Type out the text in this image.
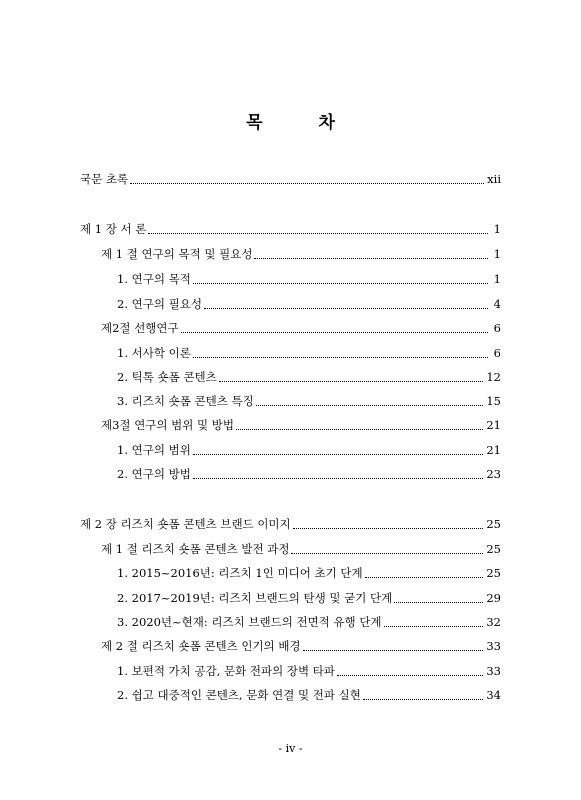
목	차
국문 초록	xii
제 1 장 서 론	1
제 1 절 연구의 목적 및 필요성	1
1. 연구의 목적	1
2. 연구의 필요성	4
제2절 선행연구	6
1. 서사학 이론	6
2. 틱톡 숏폼 콘텐츠	12
3. 리즈치 숏폼 콘텐츠 특징	15
제3절 연구의 범위 및 방법	21
1. 연구의 범위	21
2. 연구의 방법	23
제 2 장 리즈치 숏폼 콘텐츠 브랜드 이미지	25
제 1 절 리즈치 숏폼 콘텐츠 발전 과정	25
1. 2015~2016년: 리즈치 1인 미디어 초기 단계	25
2. 2017~2019년: 리즈치 브랜드의 탄생 및 굳기 단계	29
3. 2020년~현재: 리즈치 브랜드의 전면적 유행 단계	32
제 2 절 리즈치 숏폼 콘텐츠 인기의 배경	33
1. 보편적 가치 공감, 문화 전파의 장벽 타파	33
2. 쉽고 대중적인 콘텐츠, 문화 연결 및 전파 실현	34
- iv -
